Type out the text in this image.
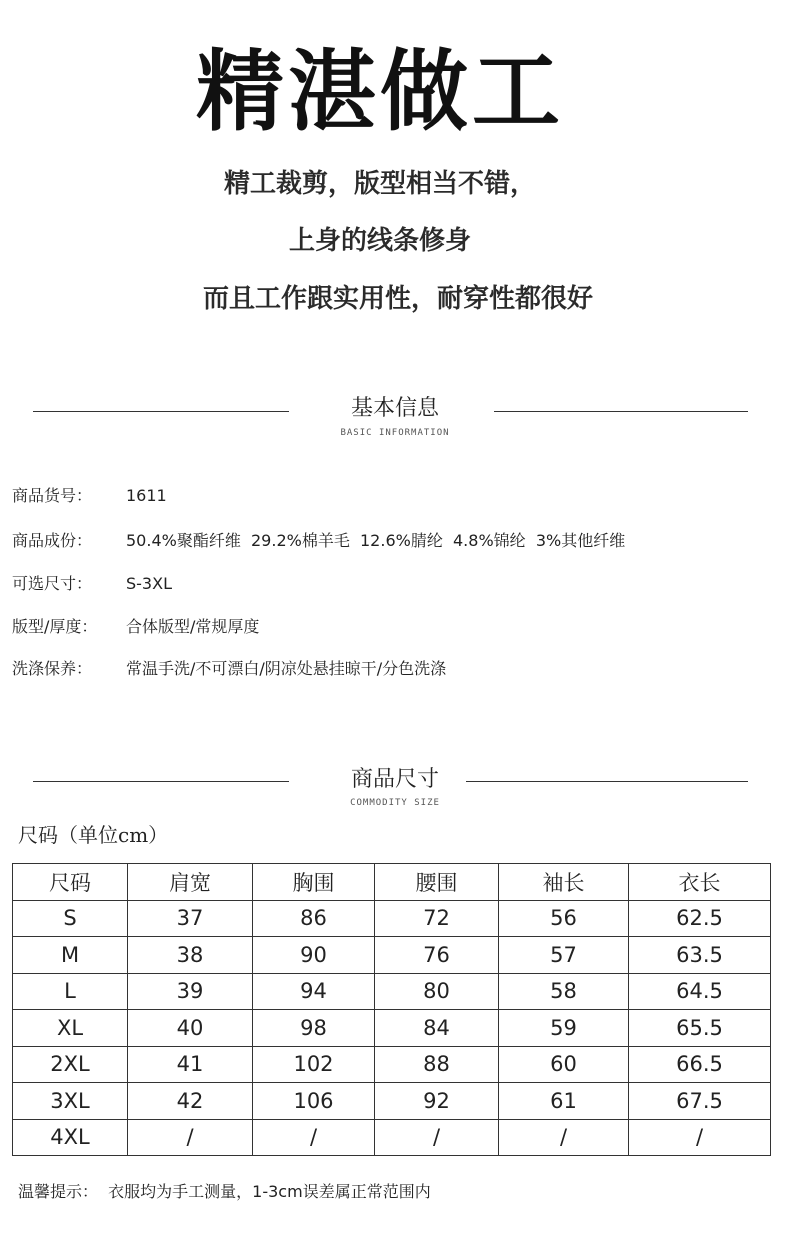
精湛做工
精工裁剪，版型相当不错，
上身的线条修身
而且工作跟实用性，耐穿性都很好
基本信息
BASIC INFORMATION
商品货号： 1611
商品成份： 50.4%聚酯纤维  29.2%棉羊毛  12.6%腈纶  4.8%锦纶  3%其他纤维
可选尺寸： S-3XL
版型/厚度： 合体版型/常规厚度
洗涤保养： 常温手洗/不可漂白/阴凉处悬挂晾干/分色洗涤
商品尺寸
COMMODITY SIZE
尺码（单位cm）
尺码	肩宽	胸围	腰围	袖长	衣长
S	37	86	72	56	62.5
M	38	90	76	57	63.5
L	39	94	80	58	64.5
XL	40	98	84	59	65.5
2XL	41	102	88	60	66.5
3XL	42	106	92	61	67.5
4XL	/	/	/	/	/
温馨提示：  衣服均为手工测量，1-3cm误差属正常范围内
